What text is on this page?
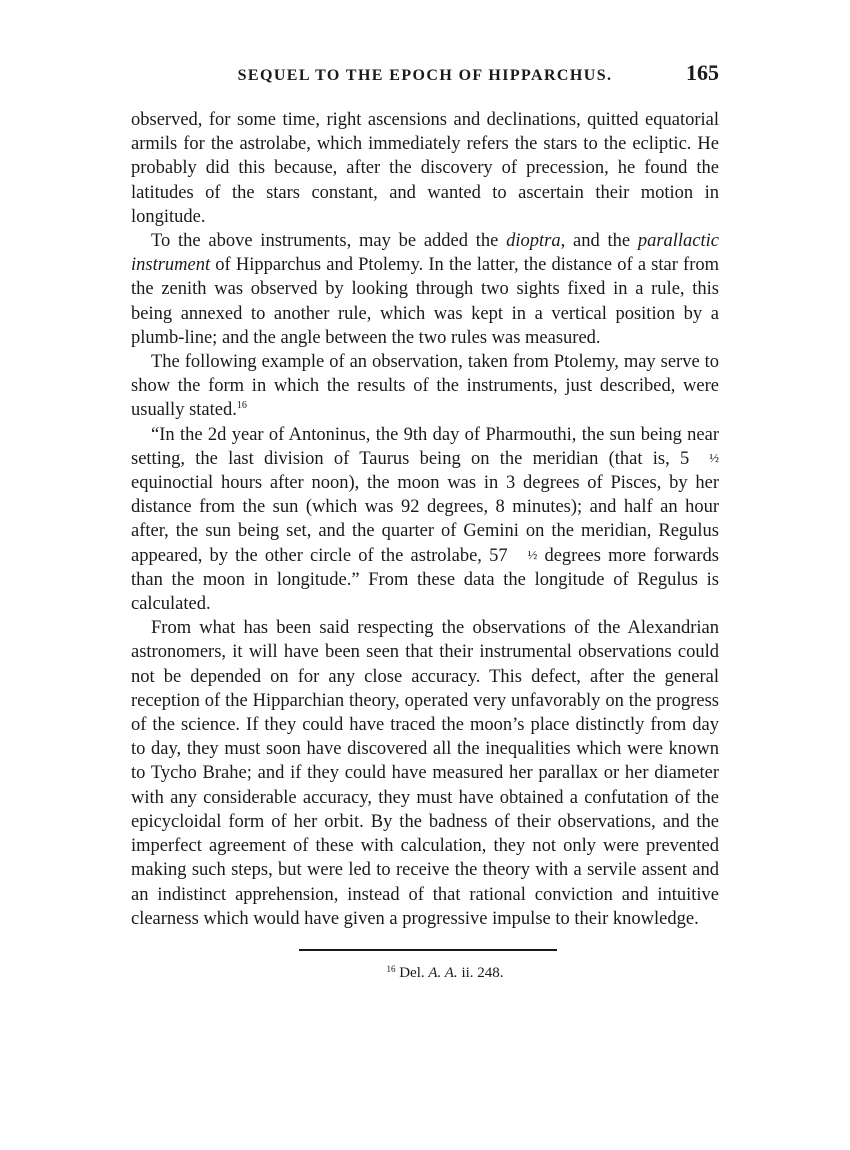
SEQUEL TO THE EPOCH OF HIPPARCHUS.	165

observed, for some time, right ascensions and declinations, quitted equatorial armils for the astrolabe, which immediately refers the stars to the ecliptic. He probably did this because, after the discovery of precession, he found the latitudes of the stars constant, and wanted to ascertain their motion in longitude.

To the above instruments, may be added the dioptra, and the parallactic instrument of Hipparchus and Ptolemy. In the latter, the distance of a star from the zenith was observed by looking through two sights fixed in a rule, this being annexed to another rule, which was kept in a vertical position by a plumb-line; and the angle between the two rules was measured.

The following example of an observation, taken from Ptolemy, may serve to show the form in which the results of the instruments, just described, were usually stated.$^{16}$

“In the 2d year of Antoninus, the 9th day of Pharmouthi, the sun being near setting, the last division of Taurus being on the meridian (that is, 5 ½ equinoctial hours after noon), the moon was in 3 degrees of Pisces, by her distance from the sun (which was 92 degrees, 8 minutes); and half an hour after, the sun being set, and the quarter of Gemini on the meridian, Regulus appeared, by the other circle of the astrolabe, 57 ½ degrees more forwards than the moon in longitude.” From these data the longitude of Regulus is calculated.

From what has been said respecting the observations of the Alexandrian astronomers, it will have been seen that their instrumental observations could not be depended on for any close accuracy. This defect, after the general reception of the Hipparchian theory, operated very unfavorably on the progress of the science. If they could have traced the moon’s place distinctly from day to day, they must soon have discovered all the inequalities which were known to Tycho Brahe; and if they could have measured her parallax or her diameter with any considerable accuracy, they must have obtained a confutation of the epicycloidal form of her orbit. By the badness of their observations, and the imperfect agreement of these with calculation, they not only were prevented making such steps, but were led to receive the theory with a servile assent and an indistinct apprehension, instead of that rational conviction and intuitive clearness which would have given a progressive impulse to their knowledge.

$^{16}$ Del. A. A. ii. 248.
